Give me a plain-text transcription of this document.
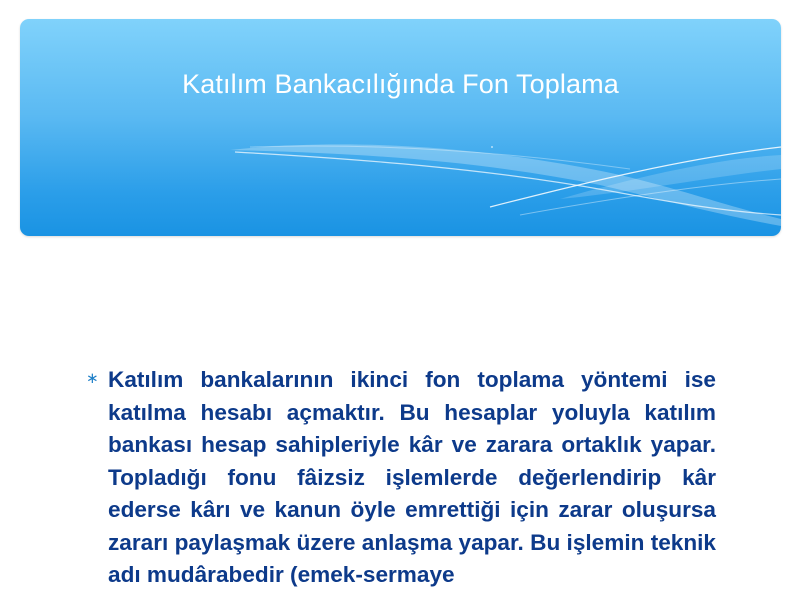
Katılım Bankacılığında Fon Toplama
∗ Katılım bankalarının ikinci fon toplama yöntemi ise katılma hesabı açmaktır. Bu hesaplar yoluyla katılım bankası hesap sahipleriyle kâr ve zarara ortaklık yapar. Topladığı fonu fâizsiz işlemlerde değerlendirip kâr ederse kârı ve kanun öyle emrettiği için zarar oluşursa zararı paylaşmak üzere anlaşma yapar. Bu işlemin teknik adı mudârabedir (emek-sermaye
